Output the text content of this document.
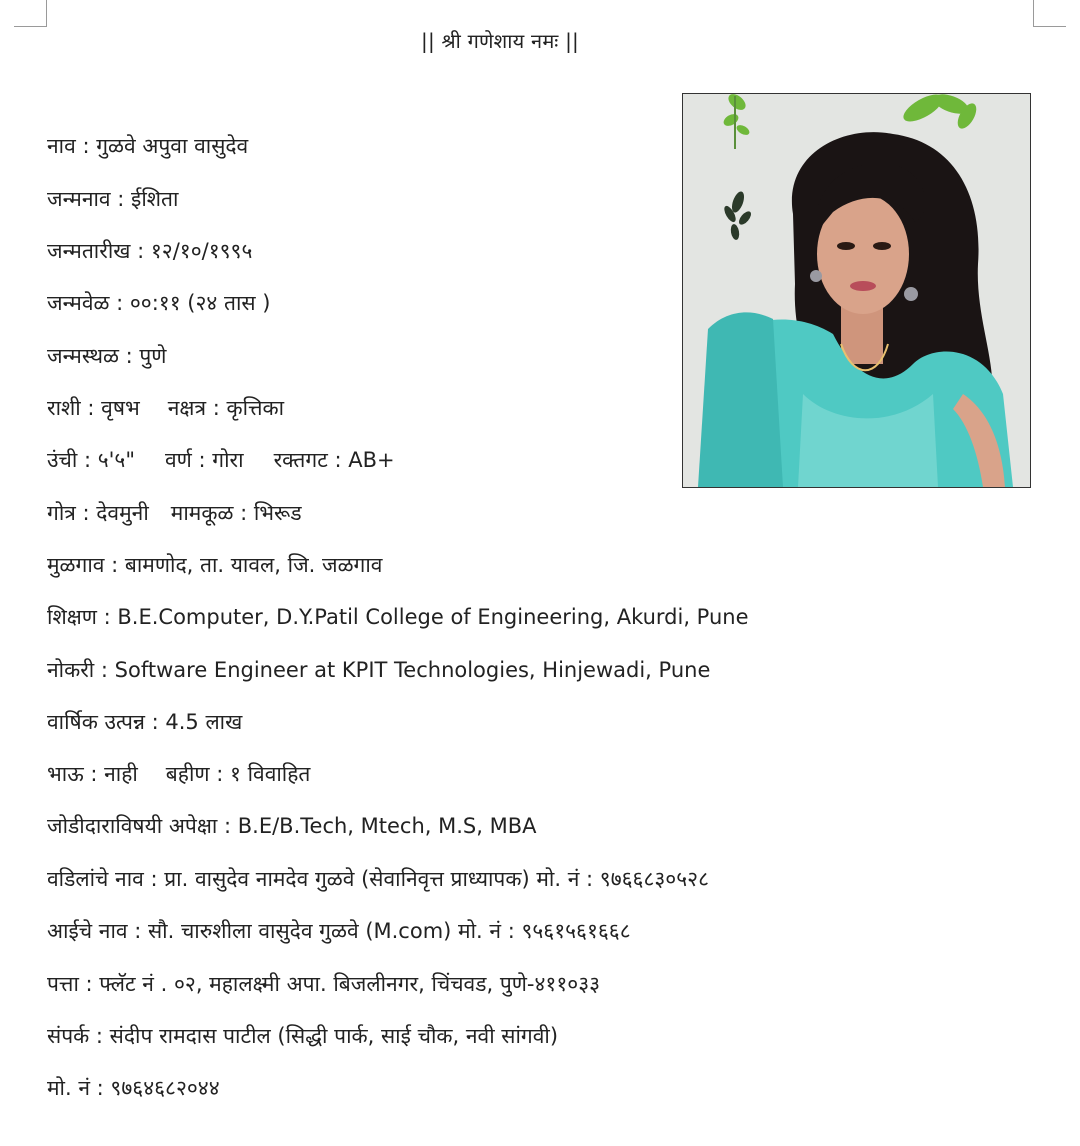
|| श्री गणेशाय नमः ||
नाव : गुळवे अपुवा वासुदेव
जन्मनाव : ईशिता
जन्मतारीख : १२/१०/१९९५
जन्मवेळ : ००:११ (२४ तास )
जन्मस्थळ : पुणे
राशी : वृषभ नक्षत्र : कृत्तिका
उंची : ५'५" वर्ण : गोरा रक्तगट : AB+
गोत्र : देवमुनी मामकूळ : भिरूड
मुळगाव : बामणोद, ता. यावल, जि. जळगाव
शिक्षण : B.E.Computer, D.Y.Patil College of Engineering, Akurdi, Pune
नोकरी : Software Engineer at KPIT Technologies, Hinjewadi, Pune
वार्षिक उत्पन्न : 4.5 लाख
भाऊ : नाही बहीण : १ विवाहित
जोडीदाराविषयी अपेक्षा : B.E/B.Tech, Mtech, M.S, MBA
वडिलांचे नाव : प्रा. वासुदेव नामदेव गुळवे (सेवानिवृत्त प्राध्यापक) मो. नं : ९७६६८३०५२८
आईचे नाव : सौ. चारुशीला वासुदेव गुळवे (M.com) मो. नं : ९५६१५६१६६८
पत्ता : फ्लॅट नं . ०२, महालक्ष्मी अपा. बिजलीनगर, चिंचवड, पुणे-४११०३३
संपर्क : संदीप रामदास पाटील (सिद्धी पार्क, साई चौक, नवी सांगवी)
मो. नं : ९७६४६८२०४४
